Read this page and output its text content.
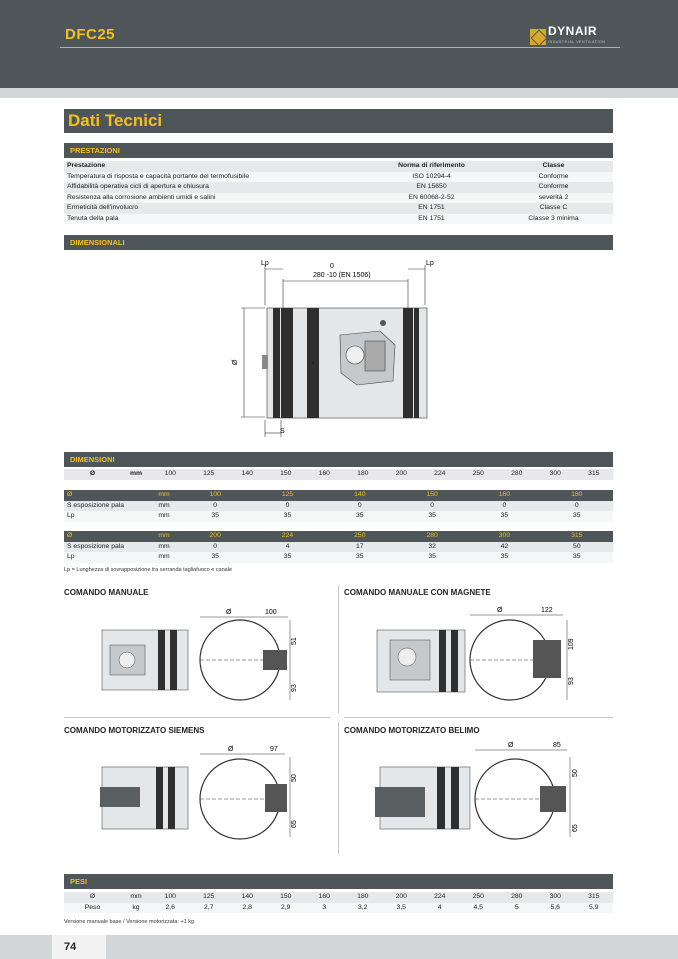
DFC25	DYNAIR
INDUSTRIAL VENTILATION
Dati Tecnici
PRESTAZIONI
Prestazione	Norma di riferimento	Classe
Temperatura di risposta e capacità portante del termofusibile	ISO 10294-4	Conforme
Affidabilità operativa cicli di apertura e chiusura	EN 15650	Conforme
Resistenza alla corrosione ambienti umidi e salini	EN 60068-2-52	severità 2
Ermeticità dell'involucro	EN 1751	Classe C
Tenuta della pala	EN 1751	Classe 3 minima
DIMENSIONALI
Lp	Lp
0
280 -10 (EN 1506)
Ø
S
DIMENSIONI
Ø	mm	100	125	140	150	160	180	200	224	250	280	300	315
Ø	mm	100	125	140	150	160	180
S esposizione pala	mm	0	0	0	0	0	0
Lp	mm	35	35	35	35	35	35
Ø	mm	200	224	250	280	300	315
S esposizione pala	mm	0	4	17	32	42	50
Lp	mm	35	35	35	35	35	35
Lp = Lunghezza di sovrapposizione tra serranda tagliafuoco e canale
COMANDO MANUALE	COMANDO MANUALE CON MAGNETE
COMANDO MOTORIZZATO SIEMENS	COMANDO MOTORIZZATO BELIMO
Ø	100
51
93
Ø	122
109
93
Ø	97
50
65
Ø	85
50
65
PESI
Ø	mm	100	125	140	150	160	180	200	224	250	280	300	315
Peso	kg	2,6	2,7	2,8	2,9	3	3,2	3,5	4	4,5	5	5,6	5,9
Versione manuale base / Versione motorizzata: +1 kg
74
